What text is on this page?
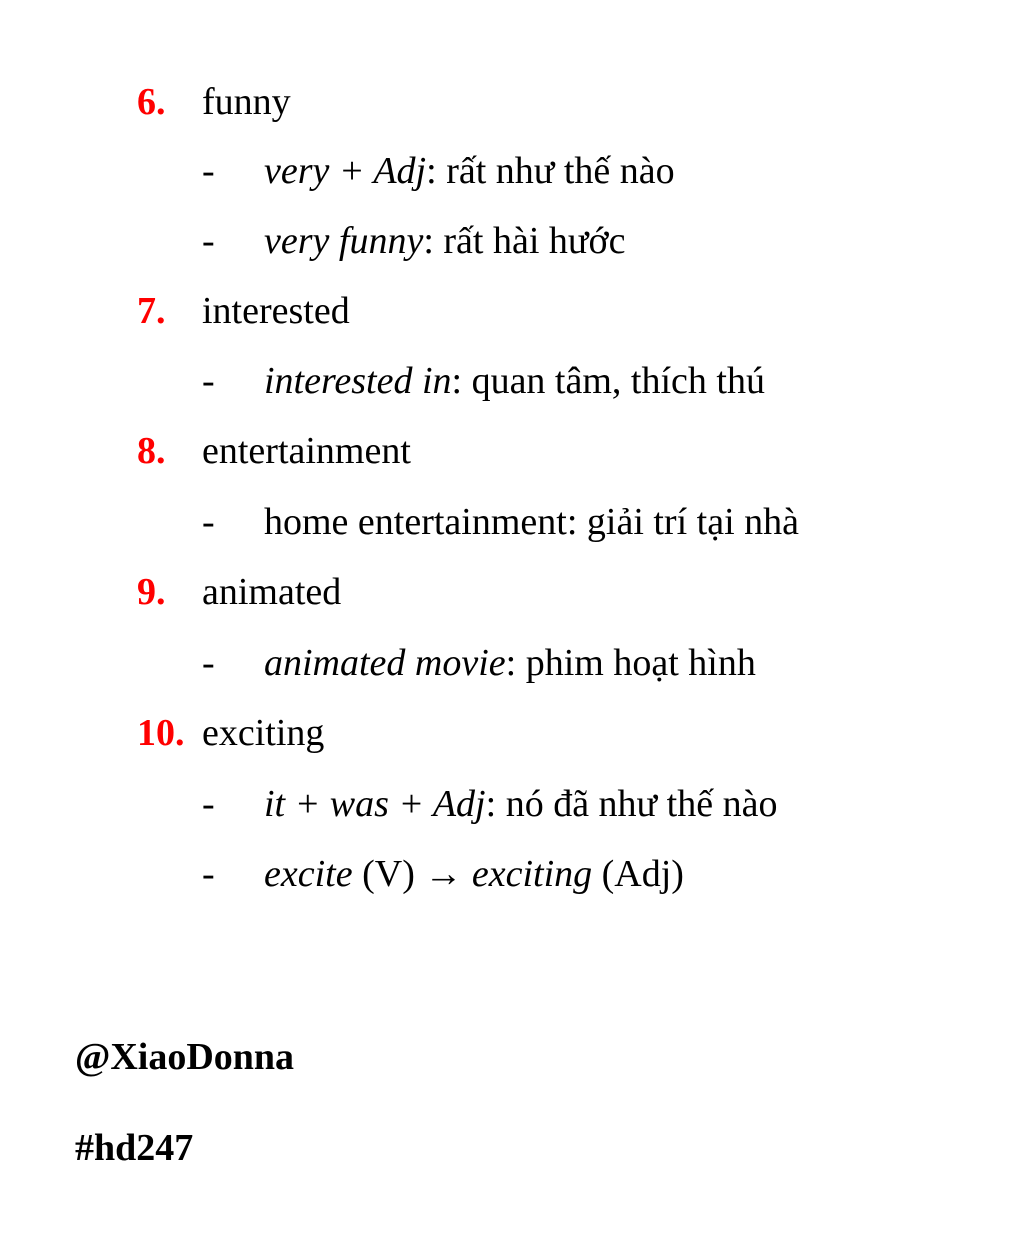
6. funny
- very + Adj: rất như thế nào
- very funny: rất hài hước
7. interested
- interested in: quan tâm, thích thú
8. entertainment
- home entertainment: giải trí tại nhà
9. animated
- animated movie: phim hoạt hình
10. exciting
- it + was + Adj: nó đã như thế nào
- excite (V) → exciting (Adj)
@XiaoDonna
#hd247
